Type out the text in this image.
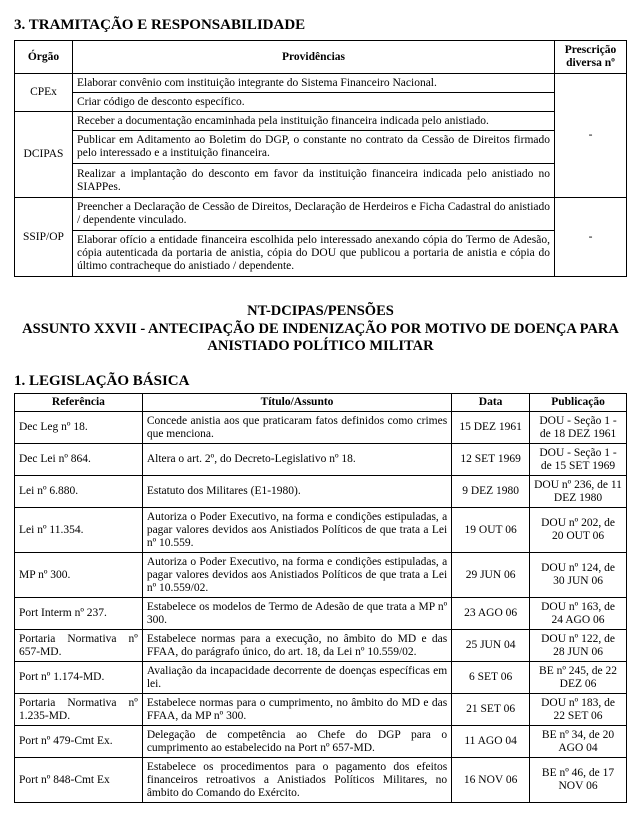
3. TRAMITAÇÃO E RESPONSABILIDADE
Órgão	Providências	Prescrição diversa nº
CPEx	Elaborar convênio com instituição integrante do Sistema Financeiro Nacional.	-
	Criar código de desconto específico.	
DCIPAS	Receber a documentação encaminhada pela instituição financeira indicada pelo anistiado.	
	Publicar em Aditamento ao Boletim do DGP, o constante no contrato da Cessão de Direitos firmado pelo interessado e a instituição financeira.	
	Realizar a implantação do desconto em favor da instituição financeira indicada pelo anistiado no SIAPPes.	
SSIP/OP	Preencher a Declaração de Cessão de Direitos, Declaração de Herdeiros e Ficha Cadastral do anistiado / dependente vinculado.	-
	Elaborar ofício a entidade financeira escolhida pelo interessado anexando cópia do Termo de Adesão, cópia autenticada da portaria de anistia, cópia do DOU que publicou a portaria de anistia e cópia do último contracheque do anistiado / dependente.	
NT-DCIPAS/PENSÕES
ASSUNTO XXVII - ANTECIPAÇÃO DE INDENIZAÇÃO POR MOTIVO DE DOENÇA PARA
ANISTIADO POLÍTICO MILITAR
1. LEGISLAÇÃO BÁSICA
Referência	Título/Assunto	Data	Publicação
Dec Leg nº 18.	Concede anistia aos que praticaram fatos definidos como crimes que menciona.	15 DEZ 1961	DOU - Seção 1 - de 18 DEZ 1961
Dec Lei nº 864.	Altera o art. 2º, do Decreto-Legislativo nº 18.	12 SET 1969	DOU - Seção 1 - de 15 SET 1969
Lei nº 6.880.	Estatuto dos Militares (E1-1980).	9 DEZ 1980	DOU nº 236, de 11 DEZ 1980
Lei nº 11.354.	Autoriza o Poder Executivo, na forma e condições estipuladas, a pagar valores devidos aos Anistiados Políticos de que trata a Lei nº 10.559.	19 OUT 06	DOU nº 202, de 20 OUT 06
MP nº 300.	Autoriza o Poder Executivo, na forma e condições estipuladas, a pagar valores devidos aos Anistiados Políticos de que trata a Lei nº 10.559/02.	29 JUN 06	DOU nº 124, de 30 JUN 06
Port Interm nº 237.	Estabelece os modelos de Termo de Adesão de que trata a MP nº 300.	23 AGO 06	DOU nº 163, de 24 AGO 06
Portaria Normativa nº 657-MD.	Estabelece normas para a execução, no âmbito do MD e das FFAA, do parágrafo único, do art. 18, da Lei nº 10.559/02.	25 JUN 04	DOU nº 122, de 28 JUN 06
Port nº 1.174-MD.	Avaliação da incapacidade decorrente de doenças específicas em lei.	6 SET 06	BE nº 245, de 22 DEZ 06
Portaria Normativa nº 1.235-MD.	Estabelece normas para o cumprimento, no âmbito do MD e das FFAA, da MP nº 300.	21 SET 06	DOU nº 183, de 22 SET 06
Port nº 479-Cmt Ex.	Delegação de competência ao Chefe do DGP para o cumprimento ao estabelecido na Port nº 657-MD.	11 AGO 04	BE nº 34, de 20 AGO 04
Port nº 848-Cmt Ex	Estabelece os procedimentos para o pagamento dos efeitos financeiros retroativos a Anistiados Políticos Militares, no âmbito do Comando do Exército.	16 NOV 06	BE nº 46, de 17 NOV 06
